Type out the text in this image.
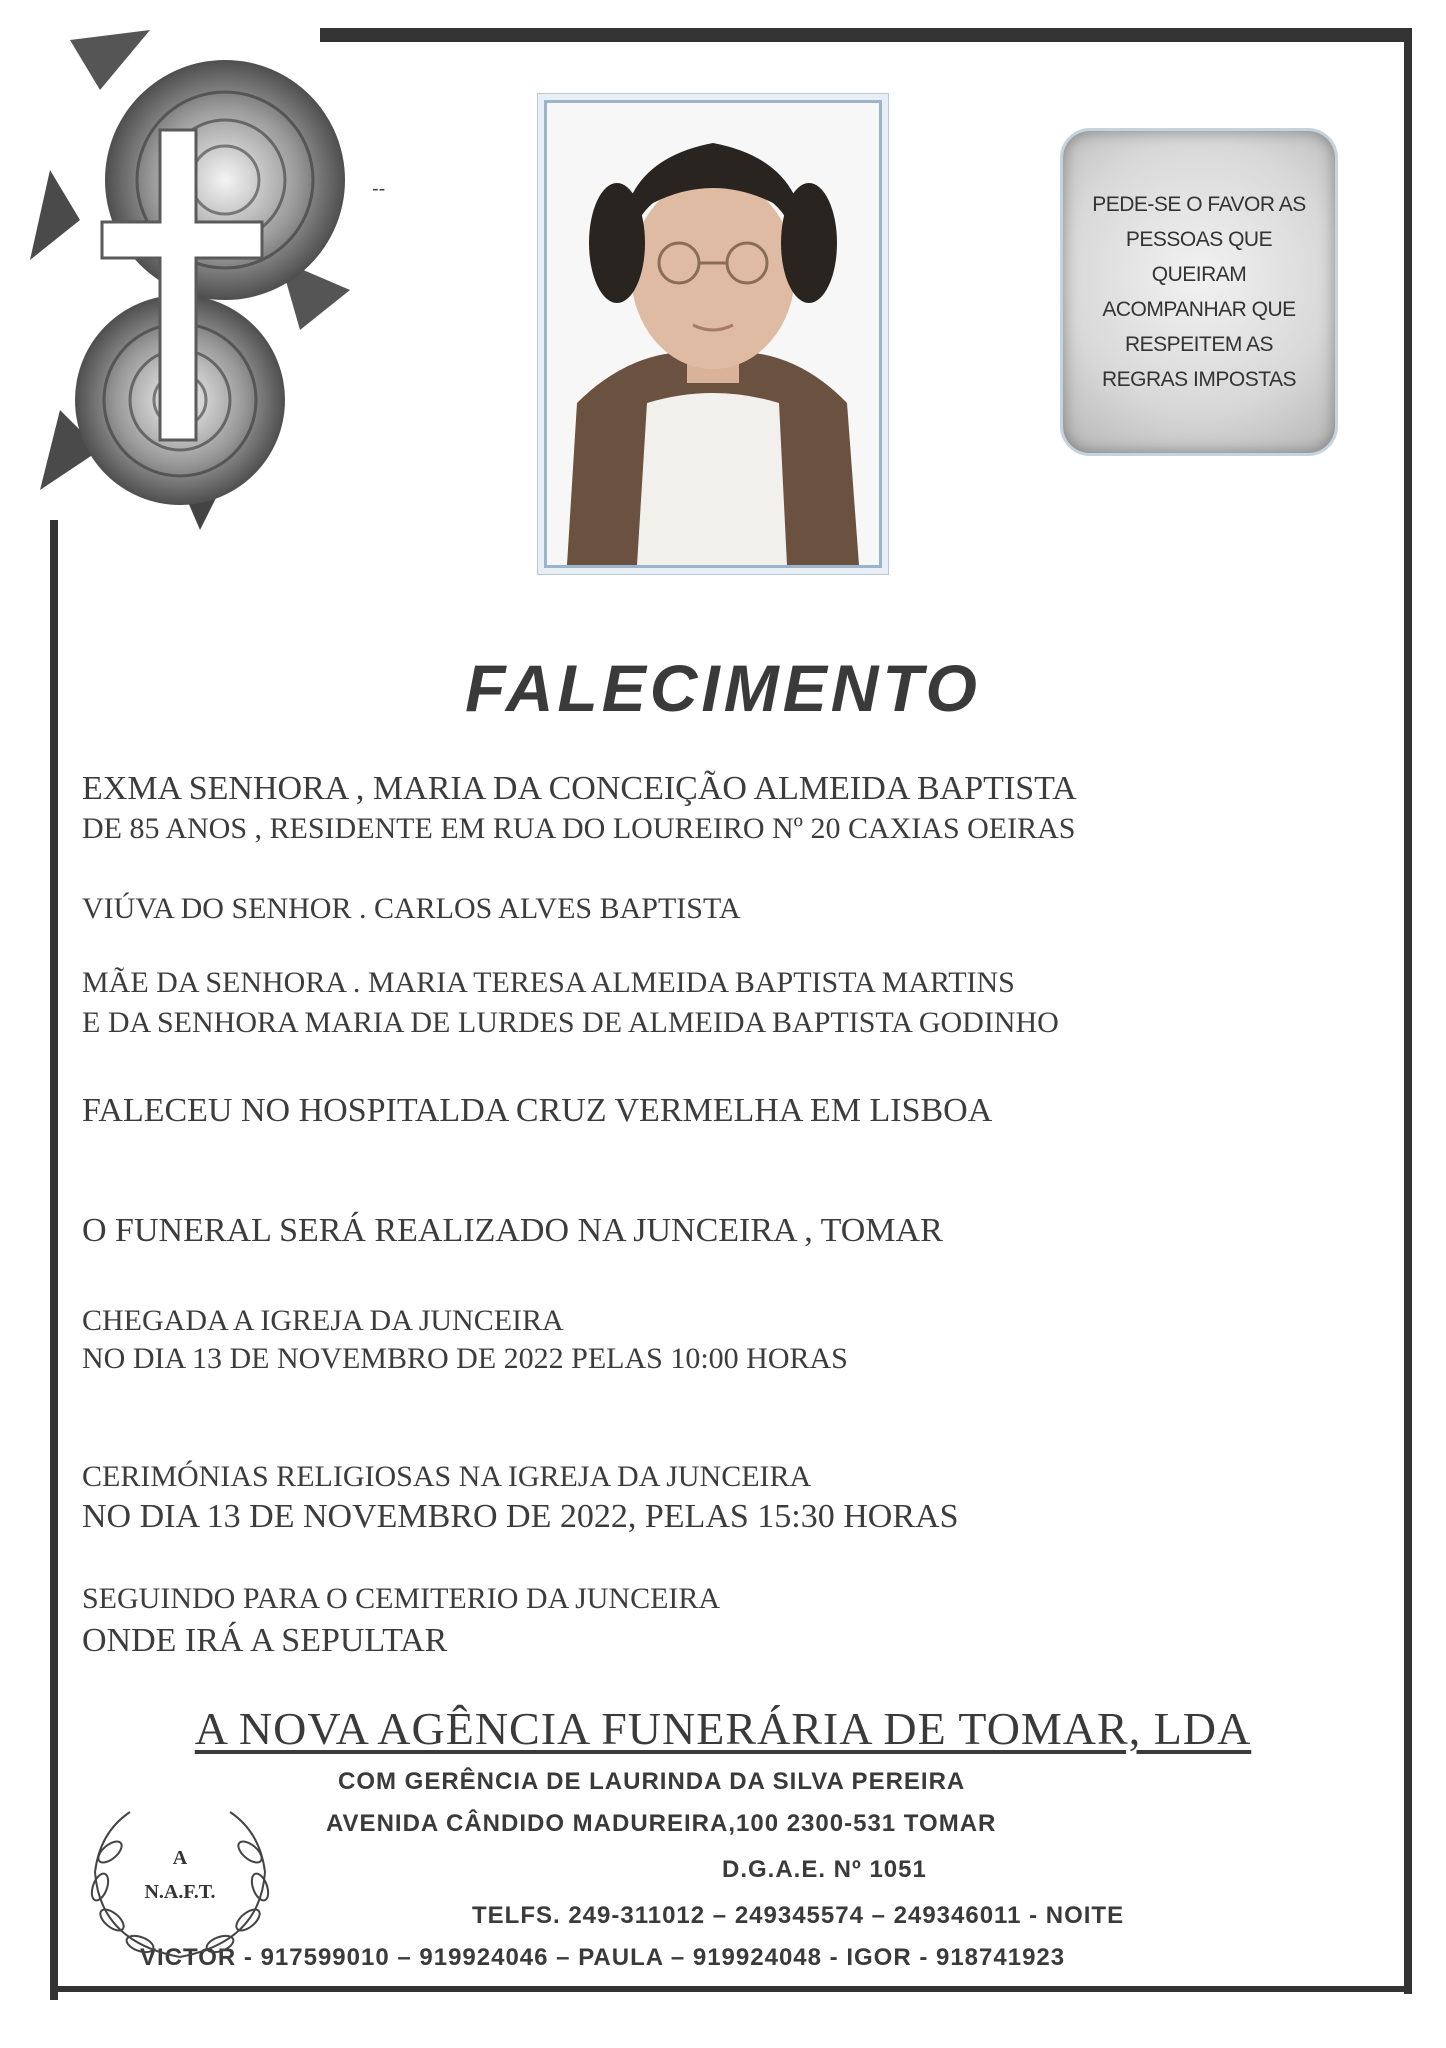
--
PEDE-SE O FAVOR AS PESSOAS QUE QUEIRAM ACOMPANHAR QUE RESPEITEM AS REGRAS IMPOSTAS
FALECIMENTO
EXMA SENHORA , MARIA DA CONCEIÇÃO ALMEIDA BAPTISTA
DE 85 ANOS , RESIDENTE EM RUA DO LOUREIRO Nº 20 CAXIAS OEIRAS
VIÚVA DO SENHOR . CARLOS ALVES BAPTISTA
MÃE DA SENHORA . MARIA TERESA ALMEIDA BAPTISTA MARTINS
E DA SENHORA MARIA DE LURDES DE ALMEIDA BAPTISTA GODINHO
FALECEU NO HOSPITALDA CRUZ VERMELHA EM LISBOA
O FUNERAL SERÁ REALIZADO NA JUNCEIRA , TOMAR
CHEGADA A IGREJA DA JUNCEIRA
NO DIA 13 DE NOVEMBRO DE 2022 PELAS 10:00 HORAS
CERIMÓNIAS RELIGIOSAS NA IGREJA DA JUNCEIRA
NO DIA 13 DE NOVEMBRO DE 2022, PELAS 15:30 HORAS
SEGUINDO PARA O CEMITERIO DA JUNCEIRA
ONDE IRÁ A SEPULTAR
A NOVA AGÊNCIA FUNERÁRIA DE TOMAR, LDA
COM GERÊNCIA DE LAURINDA DA SILVA PEREIRA
AVENIDA CÂNDIDO MADUREIRA,100 2300-531 TOMAR
D.G.A.E. Nº 1051
TELFS. 249-311012 – 249345574 – 249346011 - NOITE
VICTOR - 917599010 – 919924046 – PAULA – 919924048 - IGOR - 918741923
A
N.A.F.T.
